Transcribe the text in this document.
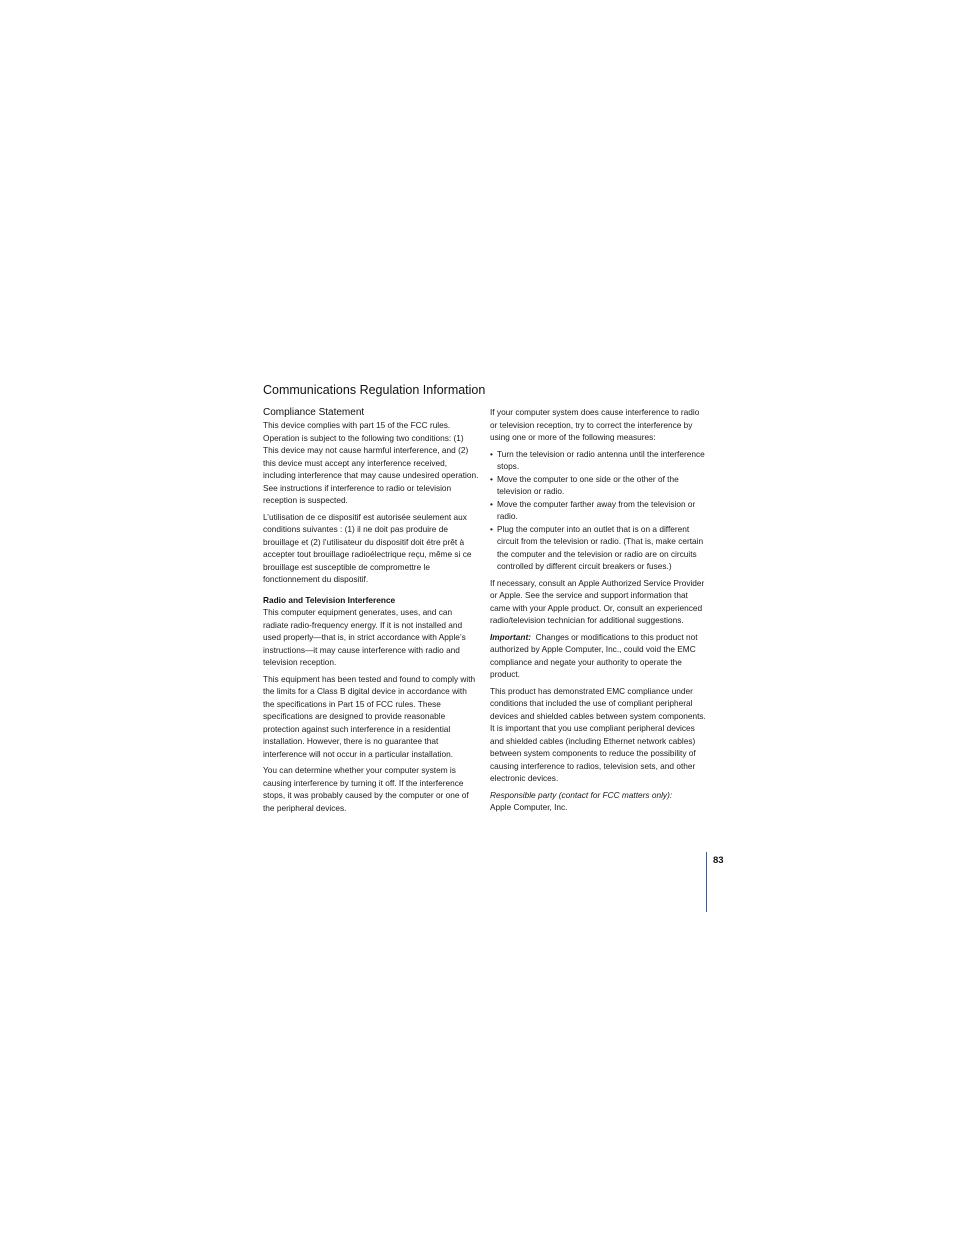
Communications Regulation Information
Compliance Statement

This device complies with part 15 of the FCC rules. Operation is subject to the following two conditions: (1) This device may not cause harmful interference, and (2) this device must accept any interference received, including interference that may cause undesired operation. See instructions if interference to radio or television reception is suspected.

L’utilisation de ce dispositif est autorisée seulement aux conditions suivantes : (1) il ne doit pas produire de brouillage et (2) l’utilisateur du dispositif doit étre prêt à accepter tout brouillage radioélectrique reçu, même si ce brouillage est susceptible de compromettre le fonctionnement du dispositif.

Radio and Television Interference

This computer equipment generates, uses, and can radiate radio-frequency energy. If it is not installed and used properly—that is, in strict accordance with Apple’s instructions—it may cause interference with radio and television reception.

This equipment has been tested and found to comply with the limits for a Class B digital device in accordance with the specifications in Part 15 of FCC rules. These specifications are designed to provide reasonable protection against such interference in a residential installation. However, there is no guarantee that interference will not occur in a particular installation.

You can determine whether your computer system is causing interference by turning it off. If the interference stops, it was probably caused by the computer or one of the peripheral devices.

If your computer system does cause interference to radio or television reception, try to correct the interference by using one or more of the following measures:

• Turn the television or radio antenna until the interference stops.
• Move the computer to one side or the other of the television or radio.
• Move the computer farther away from the television or radio.
• Plug the computer into an outlet that is on a different circuit from the television or radio. (That is, make certain the computer and the television or radio are on circuits controlled by different circuit breakers or fuses.)

If necessary, consult an Apple Authorized Service Provider or Apple. See the service and support information that came with your Apple product. Or, consult an experienced radio/television technician for additional suggestions.

Important: Changes or modifications to this product not authorized by Apple Computer, Inc., could void the EMC compliance and negate your authority to operate the product.

This product has demonstrated EMC compliance under conditions that included the use of compliant peripheral devices and shielded cables between system components. It is important that you use compliant peripheral devices and shielded cables (including Ethernet network cables) between system components to reduce the possibility of causing interference to radios, television sets, and other electronic devices.

Responsible party (contact for FCC matters only):
Apple Computer, Inc.

83
